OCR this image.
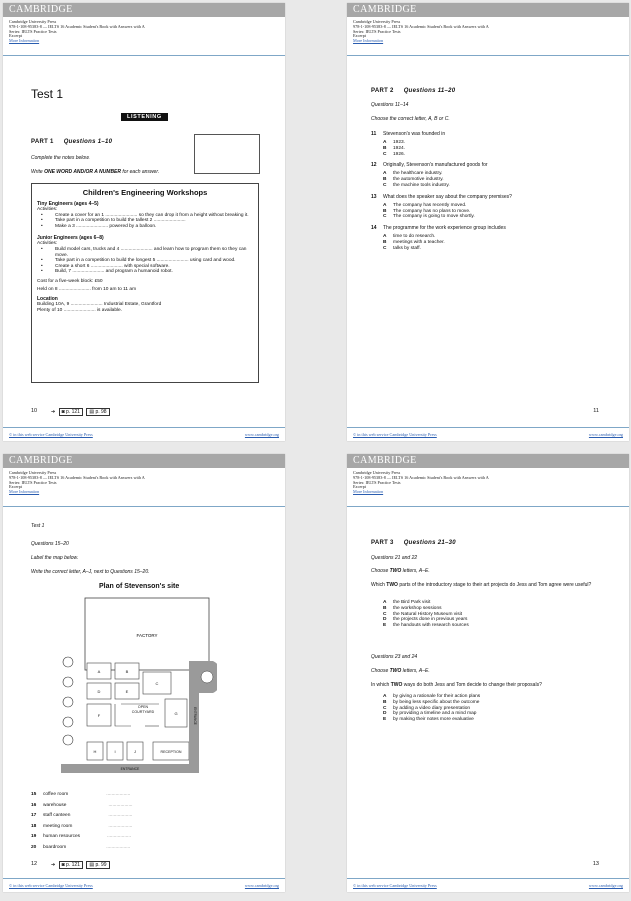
CAMBRIDGE
Cambridge University Press
978-1-108-95383-8 — IELTS 16 Academic Student's Book with Answers with A
Series: IELTS Practice Tests
Excerpt
More Information
Test 1
LISTENING
PART 1 Questions 1–10
Complete the notes below.
Write ONE WORD AND/OR A NUMBER for each answer.
Children's Engineering Workshops
Tiny Engineers (ages 4–5)
Activities:
• Create a cover for an 1 ........................ so they can drop it from a height without breaking it.
• Take part in a competition to build the tallest 2 ........................
• Make a 3 ........................ powered by a balloon.
Junior Engineers (ages 6–8)
Activities:
• Build model cars, trucks and 4 ........................ and learn how to program them so they can move.
• Take part in a competition to build the longest 5 ........................ using card and wood.
• Create a short 6 ........................ with special software.
• Build, 7 ........................ and program a humanoid robot.
Cost for a five-week block: £50
Held on 8 ........................ from 10 am to 11 am
Location
Building 10A, 9 ........................ Industrial Estate, Grantford
Plenty of 10 ........................ is available.
10	➔ ◙ p. 121 ▤ p. 98
© in this web service Cambridge University Press	www.cambridge.org
CAMBRIDGE
Cambridge University Press
978-1-108-95383-8 — IELTS 16 Academic Student's Book with Answers with A
Series: IELTS Practice Tests
Excerpt
More Information
PART 2 Questions 11–20
Questions 11–14
Choose the correct letter, A, B or C.
11 Stevenson's was founded in
A 1923.
B 1924.
C 1926.
12 Originally, Stevenson's manufactured goods for
A the healthcare industry.
B the automotive industry.
C the machine tools industry.
13 What does the speaker say about the company premises?
A The company has recently moved.
B The company has no plans to move.
C The company is going to move shortly.
14 The programme for the work experience group includes
A time to do research.
B meetings with a teacher.
C talks by staff.
11
© in this web service Cambridge University Press	www.cambridge.org
CAMBRIDGE
Cambridge University Press
978-1-108-95383-8 — IELTS 16 Academic Student's Book with Answers with A
Series: IELTS Practice Tests
Excerpt
More Information
Test 1
Questions 15–20
Label the map below.
Write the correct letter, A–J, next to Questions 15–20.
Plan of Stevenson's site
FACTORY
A	B
C
D	E
F	G
H	I	J
OPEN
COURTYARD
RECEPTION
ENTRANCE
ENTRANCE
15 coffee room	..................
16 warehouse	..................
17 staff canteen	..................
18 meeting room	..................
19 human resources	..................
20 boardroom	..................
12	➔ ◙ p. 121 ▤ p. 99
© in this web service Cambridge University Press	www.cambridge.org
CAMBRIDGE
Cambridge University Press
978-1-108-95383-8 — IELTS 16 Academic Student's Book with Answers with A
Series: IELTS Practice Tests
Excerpt
More Information
PART 3 Questions 21–30
Questions 21 and 22
Choose TWO letters, A–E.
Which TWO parts of the introductory stage to their art projects do Jess and Tom agree were useful?
A the Bird Park visit
B the workshop sessions
C the Natural History Museum visit
D the projects done in previous years
E the handouts with research sources
Questions 23 and 24
Choose TWO letters, A–E.
In which TWO ways do both Jess and Tom decide to change their proposals?
A by giving a rationale for their action plans
B by being less specific about the outcome
C by adding a video diary presentation
D by providing a timeline and a mind map
E by making their notes more evaluative
13
© in this web service Cambridge University Press	www.cambridge.org
